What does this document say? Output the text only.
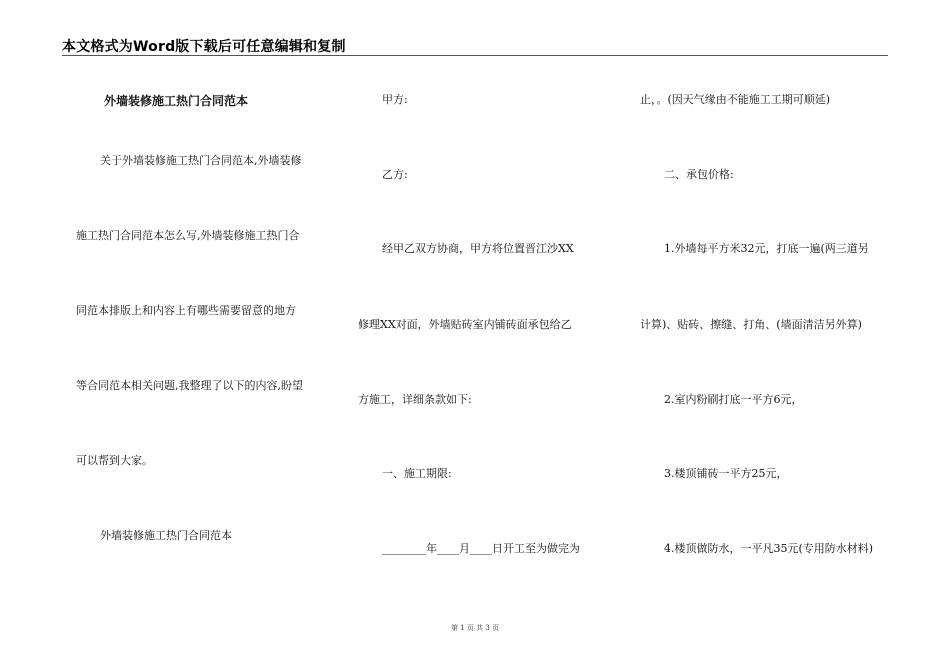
本文格式为Word版下载后可任意编辑和复制

外墙装修施工热门合同范本

关于外墙装修施工热门合同范本,外墙装修

施工热门合同范本怎么写,外墙装修施工热门合

同范本排版上和内容上有哪些需要留意的地方

等合同范本相关问题,我整理了以下的内容,盼望

可以帮到大家。

外墙装修施工热门合同范本

甲方:

乙方:

经甲乙双方协商，甲方将位置晋江沙XX

修理XX对面，外墙贴砖室内铺砖面承包给乙

方施工，详细条款如下:

一、施工期限:

________年____月____日开工至为做完为

止，。(因天气缘由不能施工工期可顺延)

二、承包价格:

1.外墙每平方米32元，打底一遍(两三道另

计算)、贴砖、擦缝、打角、(墙面清洁另外算)

2.室内粉刷打底一平方6元，

3.楼顶铺砖一平方25元，

4.楼顶做防水，一平凡35元(专用防水材料)

第 1 页 共 3 页
